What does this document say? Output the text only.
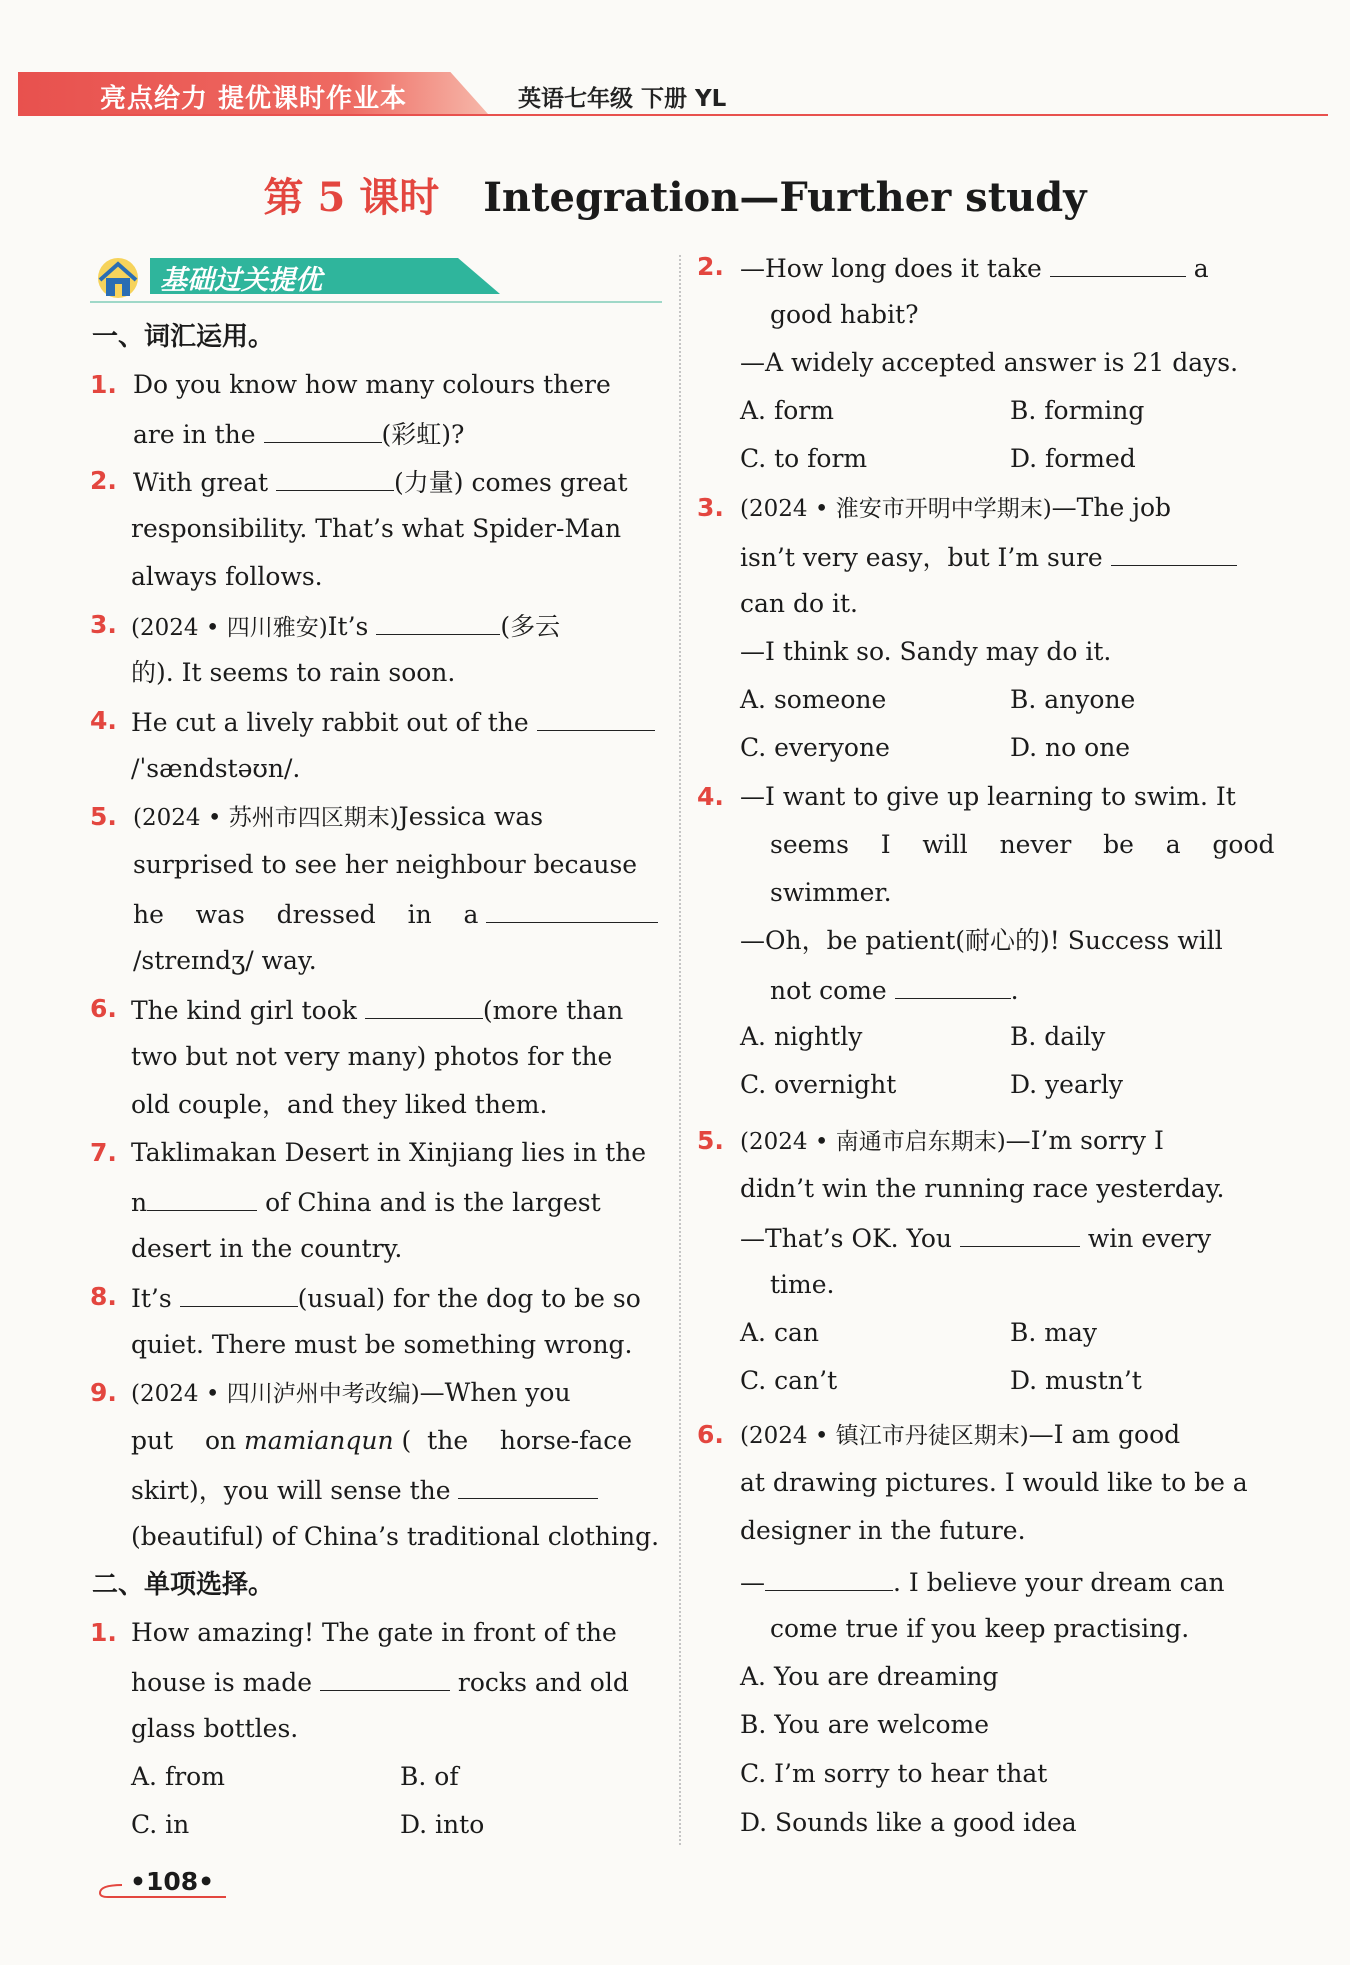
亮点给力 提优课时作业本	英语七年级 下册 YL
第 5 课时 Integration—Further study
基础过关提优
一、词汇运用。
1. Do you know how many colours there
are in the	(彩虹)?
2. With great	(力量) comes great
responsibility. That’s what Spider-Man
always follows.
3. (2024 • 四川雅安)It’s	(多云
的). It seems to rain soon.
4. He cut a lively rabbit out of the
/ˈsændstəʊn/.
5. (2024 • 苏州市四区期末)Jessica was
surprised to see her neighbour because
he    was    dressed    in    a
/streɪndʒ/ way.
6. The kind girl took	(more than
two but not very many) photos for the
old couple，and they liked them.
7. Taklimakan Desert in Xinjiang lies in the
n	of China and is the largest
desert in the country.
8. It’s	(usual) for the dog to be so
quiet. There must be something wrong.
9. (2024 • 四川泸州中考改编)—When you
put    on mamianqun (  the    horse-face
skirt)，you will sense the
(beautiful) of China’s traditional clothing.
二、单项选择。
1. How amazing! The gate in front of the
house is made	rocks and old
glass bottles.
A. from	B. of
C. in	D. into
2. —How long does it take	a
good habit?
—A widely accepted answer is 21 days.
A. form	B. forming
C. to form	D. formed
3. (2024 • 淮安市开明中学期末)—The job
isn’t very easy，but I’m sure
can do it.
—I think so. Sandy may do it.
A. someone	B. anyone
C. everyone	D. no one
4. —I want to give up learning to swim. It
seems    I    will    never    be    a    good
swimmer.
—Oh，be patient(耐心的)! Success will
not come	.
A. nightly	B. daily
C. overnight	D. yearly
5. (2024 • 南通市启东期末)—I’m sorry I
didn’t win the running race yesterday.
—That’s OK. You	win every
time.
A. can	B. may
C. can’t	D. mustn’t
6. (2024 • 镇江市丹徒区期末)—I am good
at drawing pictures. I would like to be a
designer in the future.
—	. I believe your dream can
come true if you keep practising.
A. You are dreaming
B. You are welcome
C. I’m sorry to hear that
D. Sounds like a good idea
•108•
